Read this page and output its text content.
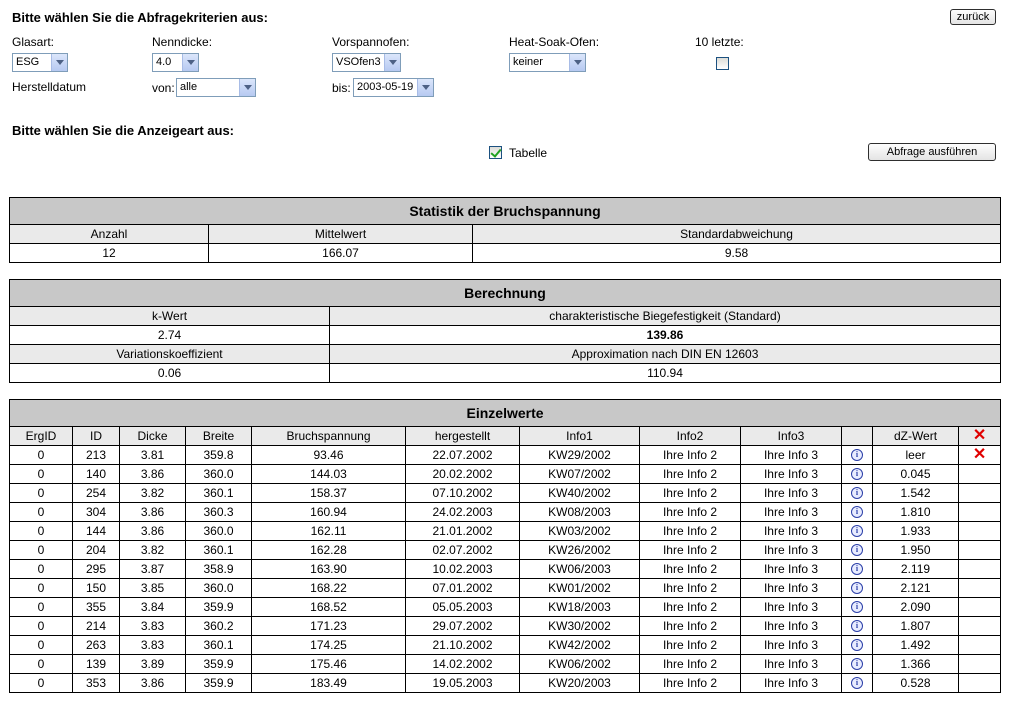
Bitte wählen Sie die Abfragekriterien aus:	zurück
Glasart:	Nenndicke:	Vorspannofen:	Heat-Soak-Ofen:	10 letzte:
ESG	4.0	VSOfen3	keiner
Herstelldatum	von: alle	bis: 2003-05-19
Bitte wählen Sie die Anzeigeart aus:
Tabelle	Abfrage ausführen
Statistik der Bruchspannung		
Anzahl	Mittelwert	Standardabweichung
12	166.07	9.58
Berechnung	
k-Wert	charakteristische Biegefestigkeit (Standard)
2.74	139.86
Variationskoeffizient	Approximation nach DIN EN 12603
0.06	110.94
Einzelwerte											
ErgID	ID	Dicke	Breite	Bruchspannung	hergestellt	Info1	Info2	Info3		dZ-Wert	✕
0	213	3.81	359.8	93.46	22.07.2002	KW29/2002	Ihre Info 2	Ihre Info 3	i	leer	✕
0	140	3.86	360.0	144.03	20.02.2002	KW07/2002	Ihre Info 2	Ihre Info 3	i	0.045	
0	254	3.82	360.1	158.37	07.10.2002	KW40/2002	Ihre Info 2	Ihre Info 3	i	1.542	
0	304	3.86	360.3	160.94	24.02.2003	KW08/2003	Ihre Info 2	Ihre Info 3	i	1.810	
0	144	3.86	360.0	162.11	21.01.2002	KW03/2002	Ihre Info 2	Ihre Info 3	i	1.933	
0	204	3.82	360.1	162.28	02.07.2002	KW26/2002	Ihre Info 2	Ihre Info 3	i	1.950	
0	295	3.87	358.9	163.90	10.02.2003	KW06/2003	Ihre Info 2	Ihre Info 3	i	2.119	
0	150	3.85	360.0	168.22	07.01.2002	KW01/2002	Ihre Info 2	Ihre Info 3	i	2.121	
0	355	3.84	359.9	168.52	05.05.2003	KW18/2003	Ihre Info 2	Ihre Info 3	i	2.090	
0	214	3.83	360.2	171.23	29.07.2002	KW30/2002	Ihre Info 2	Ihre Info 3	i	1.807	
0	263	3.83	360.1	174.25	21.10.2002	KW42/2002	Ihre Info 2	Ihre Info 3	i	1.492	
0	139	3.89	359.9	175.46	14.02.2002	KW06/2002	Ihre Info 2	Ihre Info 3	i	1.366	
0	353	3.86	359.9	183.49	19.05.2003	KW20/2003	Ihre Info 2	Ihre Info 3	i	0.528	
